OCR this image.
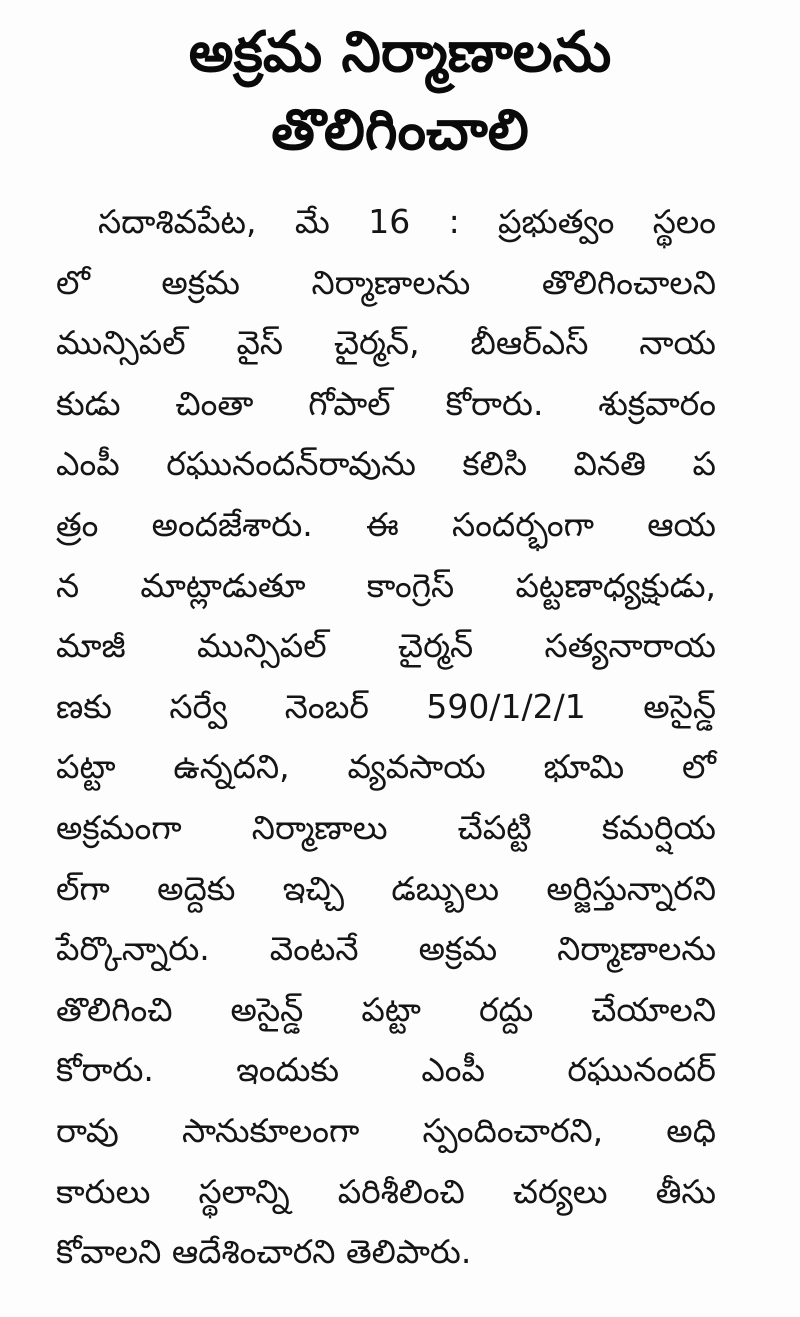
అక్రమ నిర్మాణాలను
తొలిగించాలి
సదాశివపేట, మే 16 : ప్రభుత్వం స్థలం
లో అక్రమ నిర్మాణాలను తొలిగించాలని
మున్సిపల్ వైస్ చైర్మన్, బీఆర్ఎస్ నాయ
కుడు చింతా గోపాల్ కోరారు. శుక్రవారం
ఎంపీ రఘునందన్‌రావును కలిసి వినతి ప
త్రం అందజేశారు. ఈ సందర్భంగా ఆయ
న మాట్లాడుతూ కాంగ్రెస్ పట్టణాధ్యక్షుడు,
మాజీ మున్సిపల్ చైర్మన్ సత్యనారాయ
ణకు సర్వే నెంబర్ 590/1/2/1 అసైన్డ్
పట్టా ఉన్నదని, వ్యవసాయ భూమి లో
అక్రమంగా నిర్మాణాలు చేపట్టి కమర్షియ
ల్‌గా అద్దెకు ఇచ్చి డబ్బులు అర్జిస్తున్నారని
పేర్కొన్నారు. వెంటనే అక్రమ నిర్మాణాలను
తొలిగించి అసైన్డ్ పట్టా రద్దు చేయాలని
కోరారు. ఇందుకు ఎంపీ రఘునందర్
రావు సానుకూలంగా స్పందించారని, అధి
కారులు స్థలాన్ని పరిశీలించి చర్యలు తీసు
కోవాలని ఆదేశించారని తెలిపారు.
